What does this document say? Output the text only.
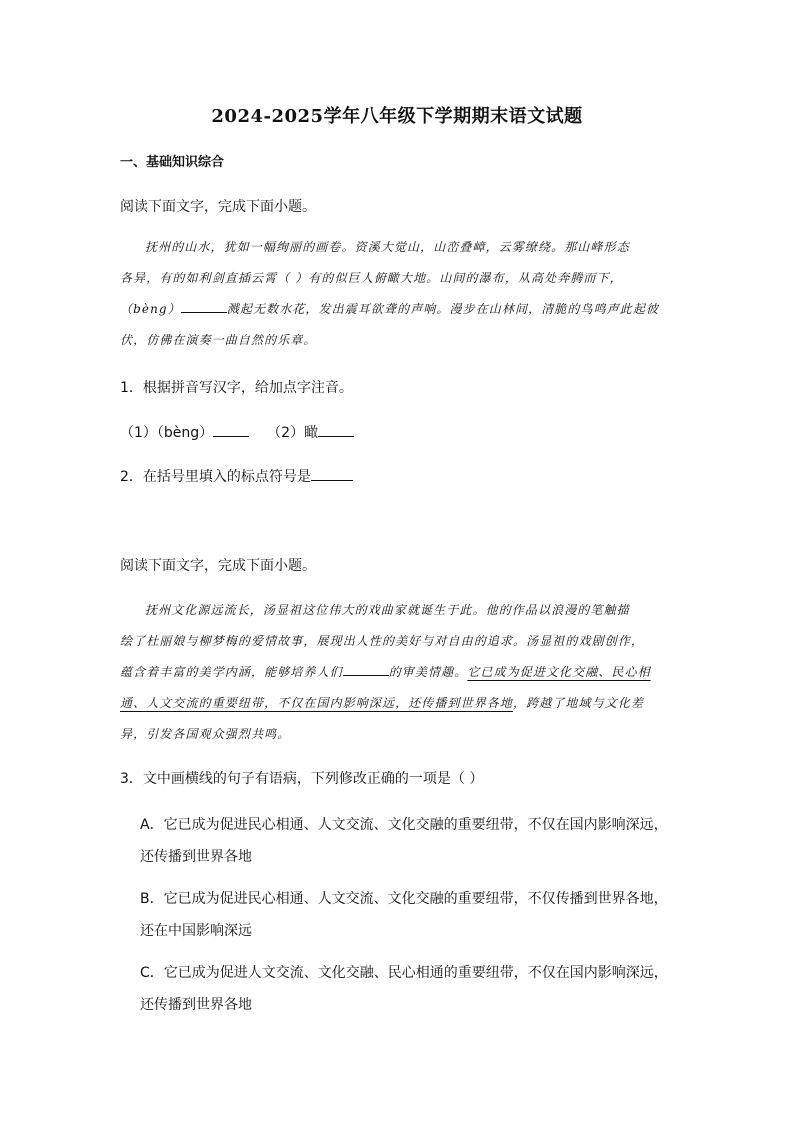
2024-2025学年八年级下学期期末语文试题
一、基础知识综合
阅读下面文字，完成下面小题。
抚州的山水，犹如一幅绚丽的画卷。资溪大觉山，山峦叠嶂，云雾缭绕。那山峰形态
各异，有的如利剑直插云霄（ ）有的似巨人俯瞰大地。山间的瀑布，从高处奔腾而下，
（bèng）	溅起无数水花，发出震耳欲聋的声响。漫步在山林间，清脆的鸟鸣声此起彼
伏，仿佛在演奏一曲自然的乐章。
1．根据拼音写汉字，给加点字注音。
（1）（bèng）	（2）瞰
2．在括号里填入的标点符号是
阅读下面文字，完成下面小题。
抚州文化源远流长，汤显祖这位伟大的戏曲家就诞生于此。他的作品以浪漫的笔触描
绘了杜丽娘与柳梦梅的爱情故事，展现出人性的美好与对自由的追求。汤显祖的戏剧创作，
蕴含着丰富的美学内涵，能够培养人们	的审美情趣。它已成为促进文化交融、民心相
通、人文交流的重要纽带，不仅在国内影响深远，还传播到世界各地，跨越了地域与文化差
异，引发各国观众强烈共鸣。
3．文中画横线的句子有语病，下列修改正确的一项是（ ）
A．它已成为促进民心相通、人文交流、文化交融的重要纽带，不仅在国内影响深远，
还传播到世界各地
B．它已成为促进民心相通、人文交流、文化交融的重要纽带，不仅传播到世界各地，
还在中国影响深远
C．它已成为促进人文交流、文化交融、民心相通的重要纽带，不仅在国内影响深远，
还传播到世界各地
